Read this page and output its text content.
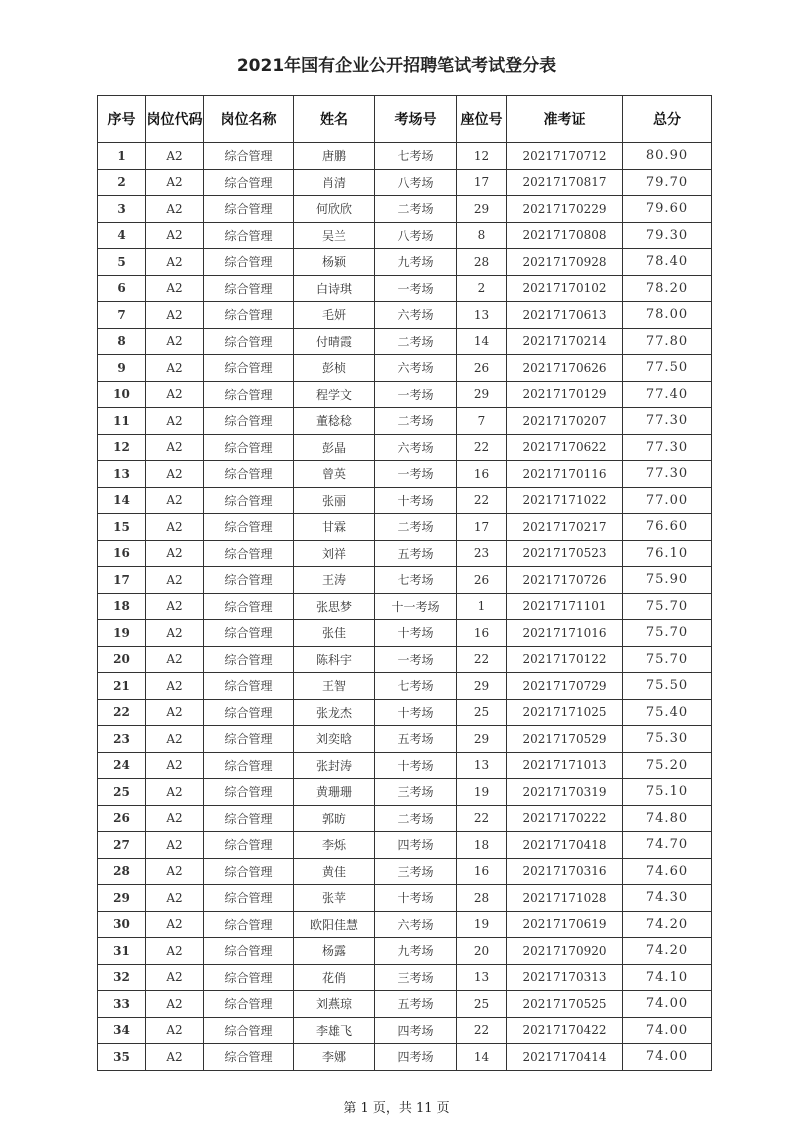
2021年国有企业公开招聘笔试考试登分表
序号	岗位代码	岗位名称	姓名	考场号	座位号	准考证	总分
1	A2	综合管理	唐鹏	七考场	12	20217170712	80.90
2	A2	综合管理	肖清	八考场	17	20217170817	79.70
3	A2	综合管理	何欣欣	二考场	29	20217170229	79.60
4	A2	综合管理	吴兰	八考场	8	20217170808	79.30
5	A2	综合管理	杨颖	九考场	28	20217170928	78.40
6	A2	综合管理	白诗琪	一考场	2	20217170102	78.20
7	A2	综合管理	毛妍	六考场	13	20217170613	78.00
8	A2	综合管理	付晴霞	二考场	14	20217170214	77.80
9	A2	综合管理	彭桢	六考场	26	20217170626	77.50
10	A2	综合管理	程学文	一考场	29	20217170129	77.40
11	A2	综合管理	董稔稔	二考场	7	20217170207	77.30
12	A2	综合管理	彭晶	六考场	22	20217170622	77.30
13	A2	综合管理	曾英	一考场	16	20217170116	77.30
14	A2	综合管理	张丽	十考场	22	20217171022	77.00
15	A2	综合管理	甘霖	二考场	17	20217170217	76.60
16	A2	综合管理	刘祥	五考场	23	20217170523	76.10
17	A2	综合管理	王涛	七考场	26	20217170726	75.90
18	A2	综合管理	张思梦	十一考场	1	20217171101	75.70
19	A2	综合管理	张佳	十考场	16	20217171016	75.70
20	A2	综合管理	陈科宇	一考场	22	20217170122	75.70
21	A2	综合管理	王智	七考场	29	20217170729	75.50
22	A2	综合管理	张龙杰	十考场	25	20217171025	75.40
23	A2	综合管理	刘奕晗	五考场	29	20217170529	75.30
24	A2	综合管理	张封涛	十考场	13	20217171013	75.20
25	A2	综合管理	黄珊珊	三考场	19	20217170319	75.10
26	A2	综合管理	郭昉	二考场	22	20217170222	74.80
27	A2	综合管理	李烁	四考场	18	20217170418	74.70
28	A2	综合管理	黄佳	三考场	16	20217170316	74.60
29	A2	综合管理	张苹	十考场	28	20217171028	74.30
30	A2	综合管理	欧阳佳慧	六考场	19	20217170619	74.20
31	A2	综合管理	杨露	九考场	20	20217170920	74.20
32	A2	综合管理	花俏	三考场	13	20217170313	74.10
33	A2	综合管理	刘燕琼	五考场	25	20217170525	74.00
34	A2	综合管理	李雄飞	四考场	22	20217170422	74.00
35	A2	综合管理	李娜	四考场	14	20217170414	74.00
第 1 页，共 11 页
